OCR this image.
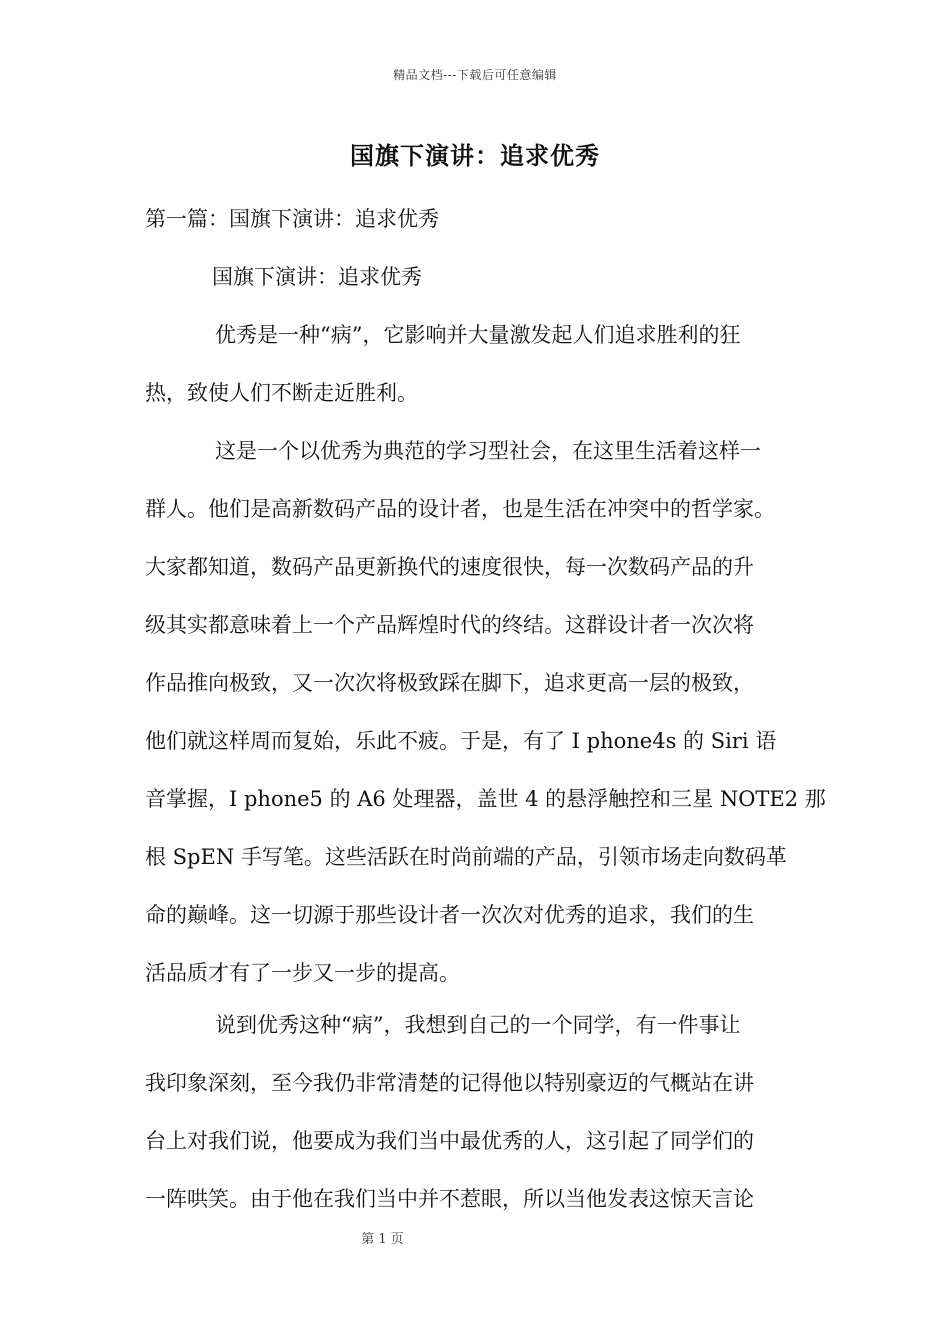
精品文档---下载后可任意编辑
国旗下演讲：追求优秀
第一篇：国旗下演讲：追求优秀
国旗下演讲：追求优秀
优秀是一种“病”，它影响并大量激发起人们追求胜利的狂
热，致使人们不断走近胜利。
这是一个以优秀为典范的学习型社会，在这里生活着这样一
群人。他们是高新数码产品的设计者，也是生活在冲突中的哲学家。
大家都知道，数码产品更新换代的速度很快，每一次数码产品的升
级其实都意味着上一个产品辉煌时代的终结。这群设计者一次次将
作品推向极致，又一次次将极致踩在脚下，追求更高一层的极致，
他们就这样周而复始，乐此不疲。于是，有了 I phone4s 的 Siri 语
音掌握，I phone5 的 A6 处理器，盖世 4 的悬浮触控和三星 NOTE2 那
根 SpEN 手写笔。这些活跃在时尚前端的产品，引领市场走向数码革
命的巅峰。这一切源于那些设计者一次次对优秀的追求，我们的生
活品质才有了一步又一步的提高。
说到优秀这种“病”，我想到自己的一个同学，有一件事让
我印象深刻，至今我仍非常清楚的记得他以特别豪迈的气概站在讲
台上对我们说，他要成为我们当中最优秀的人，这引起了同学们的
一阵哄笑。由于他在我们当中并不惹眼，所以当他发表这惊天言论
第 1 页
